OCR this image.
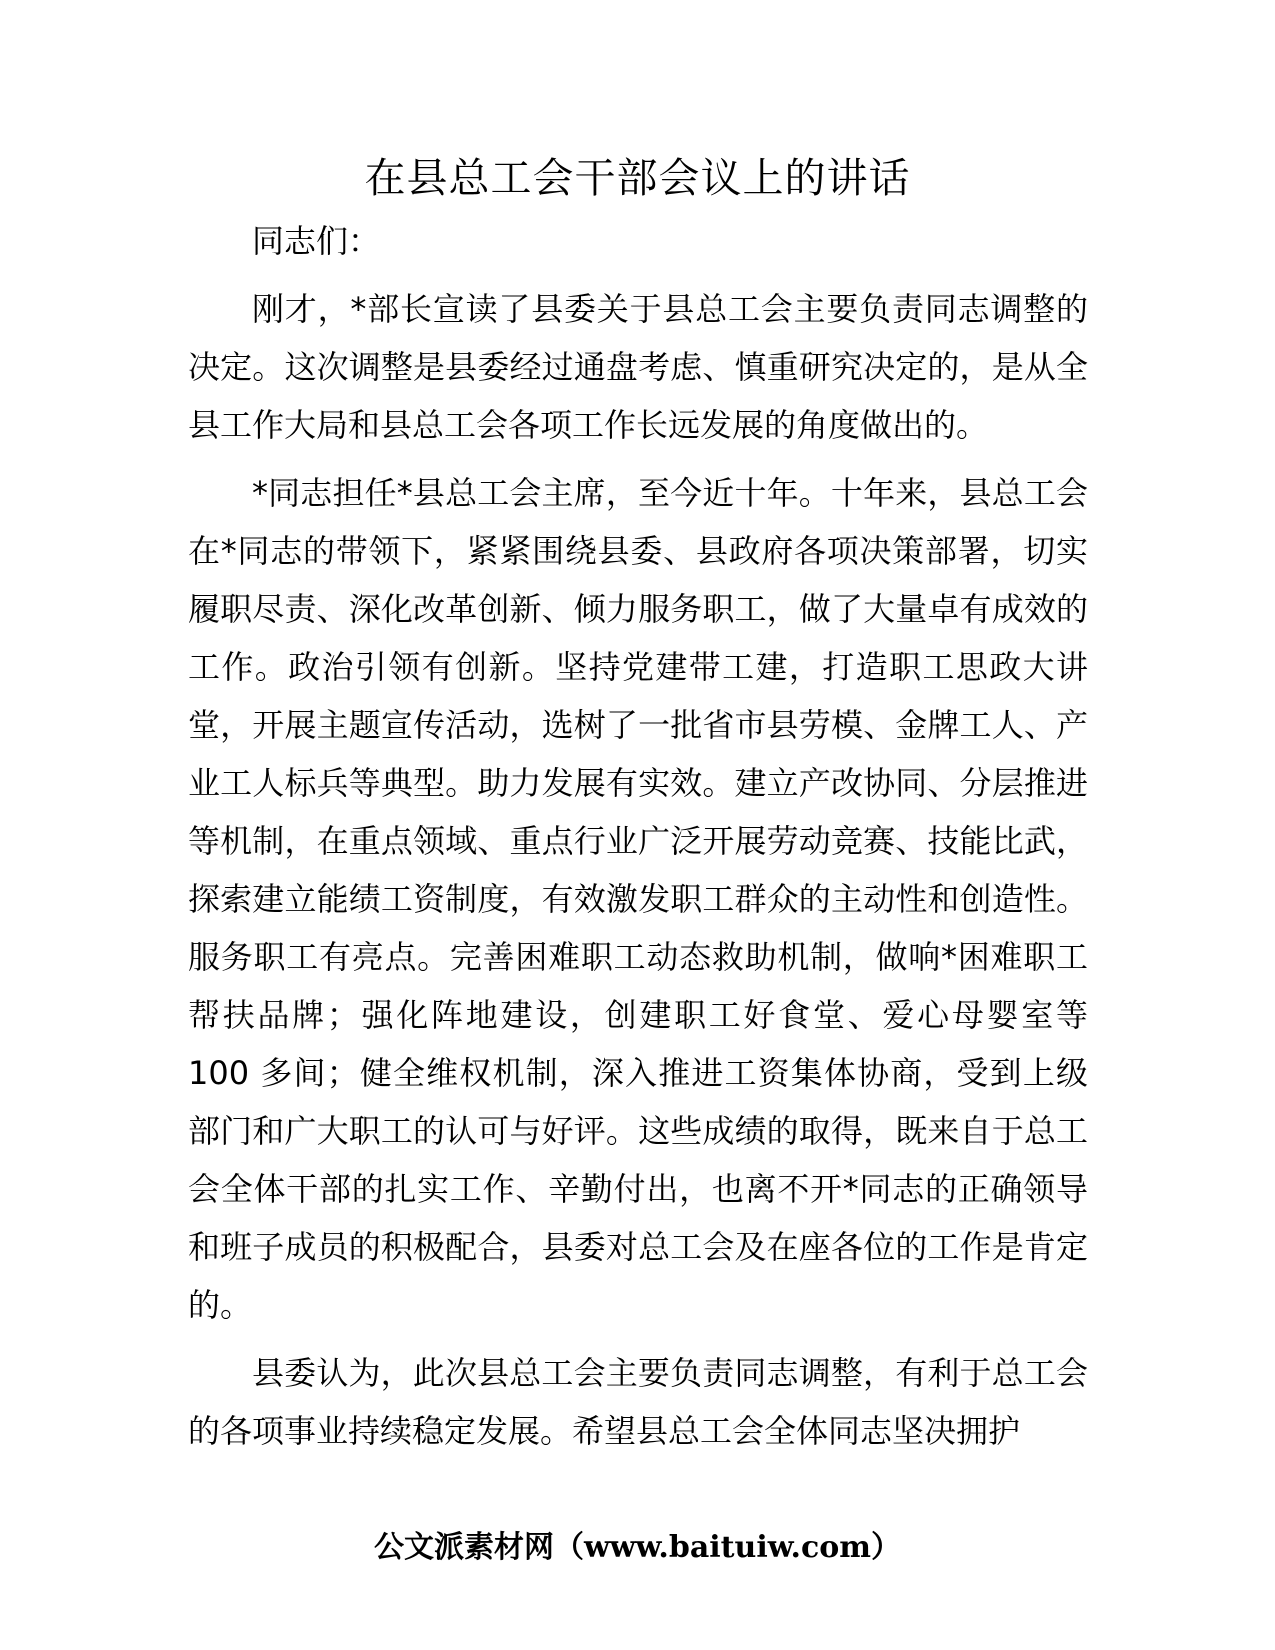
在县总工会干部会议上的讲话

同志们：

刚才，*部长宣读了县委关于县总工会主要负责同志调整的决定。这次调整是县委经过通盘考虑、慎重研究决定的，是从全县工作大局和县总工会各项工作长远发展的角度做出的。

*同志担任*县总工会主席，至今近十年。十年来，县总工会在*同志的带领下，紧紧围绕县委、县政府各项决策部署，切实履职尽责、深化改革创新、倾力服务职工，做了大量卓有成效的工作。政治引领有创新。坚持党建带工建，打造职工思政大讲堂，开展主题宣传活动，选树了一批省市县劳模、金牌工人、产业工人标兵等典型。助力发展有实效。建立产改协同、分层推进等机制，在重点领域、重点行业广泛开展劳动竞赛、技能比武，探索建立能绩工资制度，有效激发职工群众的主动性和创造性。服务职工有亮点。完善困难职工动态救助机制，做响*困难职工帮扶品牌；强化阵地建设，创建职工好食堂、爱心母婴室等 100 多间；健全维权机制，深入推进工资集体协商，受到上级部门和广大职工的认可与好评。这些成绩的取得，既来自于总工会全体干部的扎实工作、辛勤付出，也离不开*同志的正确领导和班子成员的积极配合，县委对总工会及在座各位的工作是肯定的。

县委认为，此次县总工会主要负责同志调整，有利于总工会的各项事业持续稳定发展。希望县总工会全体同志坚决拥护

公文派素材网（www.baituiw.com）
